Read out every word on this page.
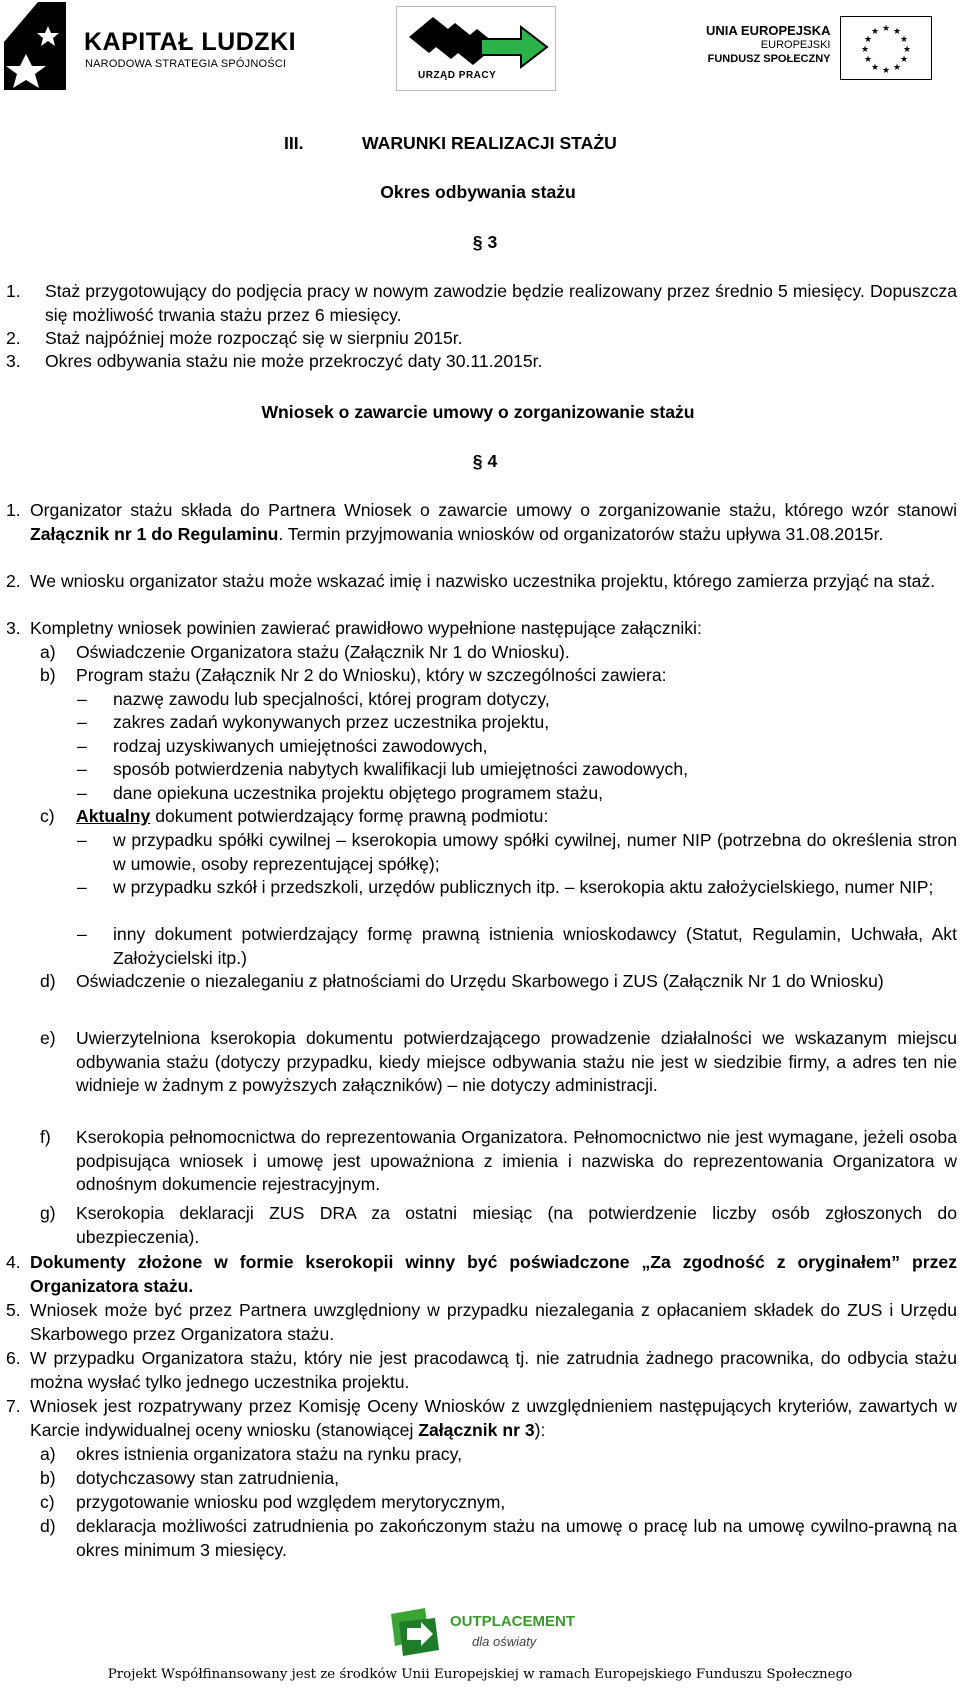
KAPITAŁ LUDZKI
NARODOWA STRATEGIA SPÓJNOŚCI
URZĄD PRACY
UNIA EUROPEJSKA
EUROPEJSKI
FUNDUSZ SPOŁECZNY
★ ★
★
★
★
★
★
★
★
★
★
★
III.	WARUNKI REALIZACJI STAŻU
Okres odbywania stażu
§ 3
1. Staż przygotowujący do podjęcia pracy w nowym zawodzie będzie realizowany przez średnio 5 miesięcy. Dopuszcza się możliwość trwania stażu przez 6 miesięcy.
2. Staż najpóźniej może rozpocząć się w sierpniu 2015r.
3. Okres odbywania stażu nie może przekroczyć daty 30.11.2015r.
Wniosek o zawarcie umowy o zorganizowanie stażu
§ 4
1. Organizator stażu składa do Partnera Wniosek o zawarcie umowy o zorganizowanie stażu, którego wzór stanowi Załącznik nr 1 do Regulaminu. Termin przyjmowania wniosków od organizatorów stażu upływa 31.08.2015r.
2. We wniosku organizator stażu może wskazać imię i nazwisko uczestnika projektu, którego zamierza przyjąć na staż.
3. Kompletny wniosek powinien zawierać prawidłowo wypełnione następujące załączniki:
a) Oświadczenie Organizatora stażu (Załącznik Nr 1 do Wniosku).
b) Program stażu (Załącznik Nr 2 do Wniosku), który w szczególności zawiera:
– nazwę zawodu lub specjalności, której program dotyczy,
– zakres zadań wykonywanych przez uczestnika projektu,
– rodzaj uzyskiwanych umiejętności zawodowych,
– sposób potwierdzenia nabytych kwalifikacji lub umiejętności zawodowych,
– dane opiekuna uczestnika projektu objętego programem stażu,
c) Aktualny dokument potwierdzający formę prawną podmiotu:
– w przypadku spółki cywilnej – kserokopia umowy spółki cywilnej, numer NIP (potrzebna do określenia stron w umowie, osoby reprezentującej spółkę);
– w przypadku szkół i przedszkoli, urzędów publicznych itp. – kserokopia aktu założycielskiego, numer NIP;
– inny dokument potwierdzający formę prawną istnienia wnioskodawcy (Statut, Regulamin, Uchwała, Akt Założycielski itp.)
d) Oświadczenie o niezaleganiu z płatnościami do Urzędu Skarbowego i ZUS (Załącznik Nr 1 do Wniosku)
e) Uwierzytelniona kserokopia dokumentu potwierdzającego prowadzenie działalności we wskazanym miejscu odbywania stażu (dotyczy przypadku, kiedy miejsce odbywania stażu nie jest w siedzibie firmy, a adres ten nie widnieje w żadnym z powyższych załączników) – nie dotyczy administracji.
f) Kserokopia pełnomocnictwa do reprezentowania Organizatora. Pełnomocnictwo nie jest wymagane, jeżeli osoba podpisująca wniosek i umowę jest upoważniona z imienia i nazwiska do reprezentowania Organizatora w odnośnym dokumencie rejestracyjnym.
g) Kserokopia deklaracji ZUS DRA za ostatni miesiąc (na potwierdzenie liczby osób zgłoszonych do ubezpieczenia).
4. Dokumenty złożone w formie kserokopii winny być poświadczone „Za zgodność z oryginałem” przez Organizatora stażu.
5. Wniosek może być przez Partnera uwzględniony w przypadku niezalegania z opłacaniem składek do ZUS i Urzędu Skarbowego przez Organizatora stażu.
6. W przypadku Organizatora stażu, który nie jest pracodawcą tj. nie zatrudnia żadnego pracownika, do odbycia stażu można wysłać tylko jednego uczestnika projektu.
7. Wniosek jest rozpatrywany przez Komisję Oceny Wniosków z uwzględnieniem następujących kryteriów, zawartych w Karcie indywidualnej oceny wniosku (stanowiącej Załącznik nr 3):
a) okres istnienia organizatora stażu na rynku pracy,
b) dotychczasowy stan zatrudnienia,
c) przygotowanie wniosku pod względem merytorycznym,
d) deklaracja możliwości zatrudnienia po zakończonym stażu na umowę o pracę lub na umowę cywilno-prawną na okres minimum 3 miesięcy.
OUTPLACEMENT
dla oświaty
Projekt Współfinansowany jest ze środków Unii Europejskiej w ramach Europejskiego Funduszu Społecznego
